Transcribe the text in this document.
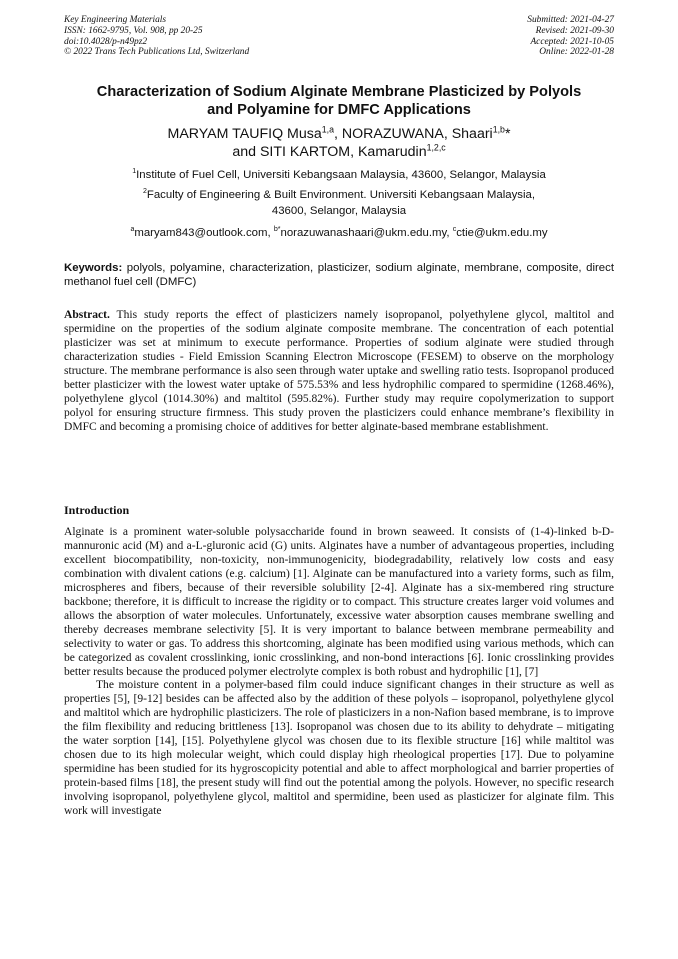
Key Engineering Materials
ISSN: 1662-9795, Vol. 908, pp 20-25
doi:10.4028/p-n49pz2
© 2022 Trans Tech Publications Ltd, Switzerland
Submitted: 2021-04-27
Revised: 2021-09-30
Accepted: 2021-10-05
Online: 2022-01-28
Characterization of Sodium Alginate Membrane Plasticized by Polyols
and Polyamine for DMFC Applications
MARYAM TAUFIQ Musa$^{1,a}$, NORAZUWANA, Shaari$^{1,b}$*
and SITI KARTOM, Kamarudin$^{1,2,c}$
$^1$Institute of Fuel Cell, Universiti Kebangsaan Malaysia, 43600, Selangor, Malaysia
$^2$Faculty of Engineering & Built Environment. Universiti Kebangsaan Malaysia,
43600, Selangor, Malaysia
$^a$maryam843@outlook.com, $^{b*}$norazuwanashaari@ukm.edu.my, $^c$ctie@ukm.edu.my
Keywords: polyols, polyamine, characterization, plasticizer, sodium alginate, membrane, composite, direct methanol fuel cell (DMFC)
Abstract. This study reports the effect of plasticizers namely isopropanol, polyethylene glycol, maltitol and spermidine on the properties of the sodium alginate composite membrane. The concentration of each potential plasticizer was set at minimum to execute performance. Properties of sodium alginate were studied through characterization studies - Field Emission Scanning Electron Microscope (FESEM) to observe on the morphology structure. The membrane performance is also seen through water uptake and swelling ratio tests. Isopropanol produced better plasticizer with the lowest water uptake of 575.53% and less hydrophilic compared to spermidine (1268.46%), polyethylene glycol (1014.30%) and maltitol (595.82%). Further study may require copolymerization to support polyol for ensuring structure firmness. This study proven the plasticizers could enhance membrane’s flexibility in DMFC and becoming a promising choice of additives for better alginate-based membrane establishment.
Introduction

Alginate is a prominent water-soluble polysaccharide found in brown seaweed. It consists of (1-4)-linked b-D-mannuronic acid (M) and a-L-gluronic acid (G) units. Alginates have a number of advantageous properties, including excellent biocompatibility, non-toxicity, non-immunogenicity, biodegradability, relatively low costs and easy combination with divalent cations (e.g. calcium) [1]. Alginate can be manufactured into a variety forms, such as film, microspheres and fibers, because of their reversible solubility [2-4]. Alginate has a six-membered ring structure backbone; therefore, it is difficult to increase the rigidity or to compact. This structure creates larger void volumes and allows the absorption of water molecules. Unfortunately, excessive water absorption causes membrane swelling and thereby decreases membrane selectivity [5]. It is very important to balance between membrane permeability and selectivity to water or gas. To address this shortcoming, alginate has been modified using various methods, which can be categorized as covalent crosslinking, ionic crosslinking, and non-bond interactions [6]. Ionic crosslinking provides better results because the produced polymer electrolyte complex is both robust and hydrophilic [1], [7]

The moisture content in a polymer-based film could induce significant changes in their structure as well as properties [5], [9-12] besides can be affected also by the addition of these polyols – isopropanol, polyethylene glycol and maltitol which are hydrophilic plasticizers. The role of plasticizers in a non-Nafion based membrane, is to improve the film flexibility and reducing brittleness [13]. Isopropanol was chosen due to its ability to dehydrate – mitigating the water sorption [14], [15]. Polyethylene glycol was chosen due to its flexible structure [16] while maltitol was chosen due to its high molecular weight, which could display high rheological properties [17]. Due to polyamine spermidine has been studied for its hygroscopicity potential and able to affect morphological and barrier properties of protein-based films [18], the present study will find out the potential among the polyols. However, no specific research involving isopropanol, polyethylene glycol, maltitol and spermidine, been used as plasticizer for alginate film. This work will investigate
